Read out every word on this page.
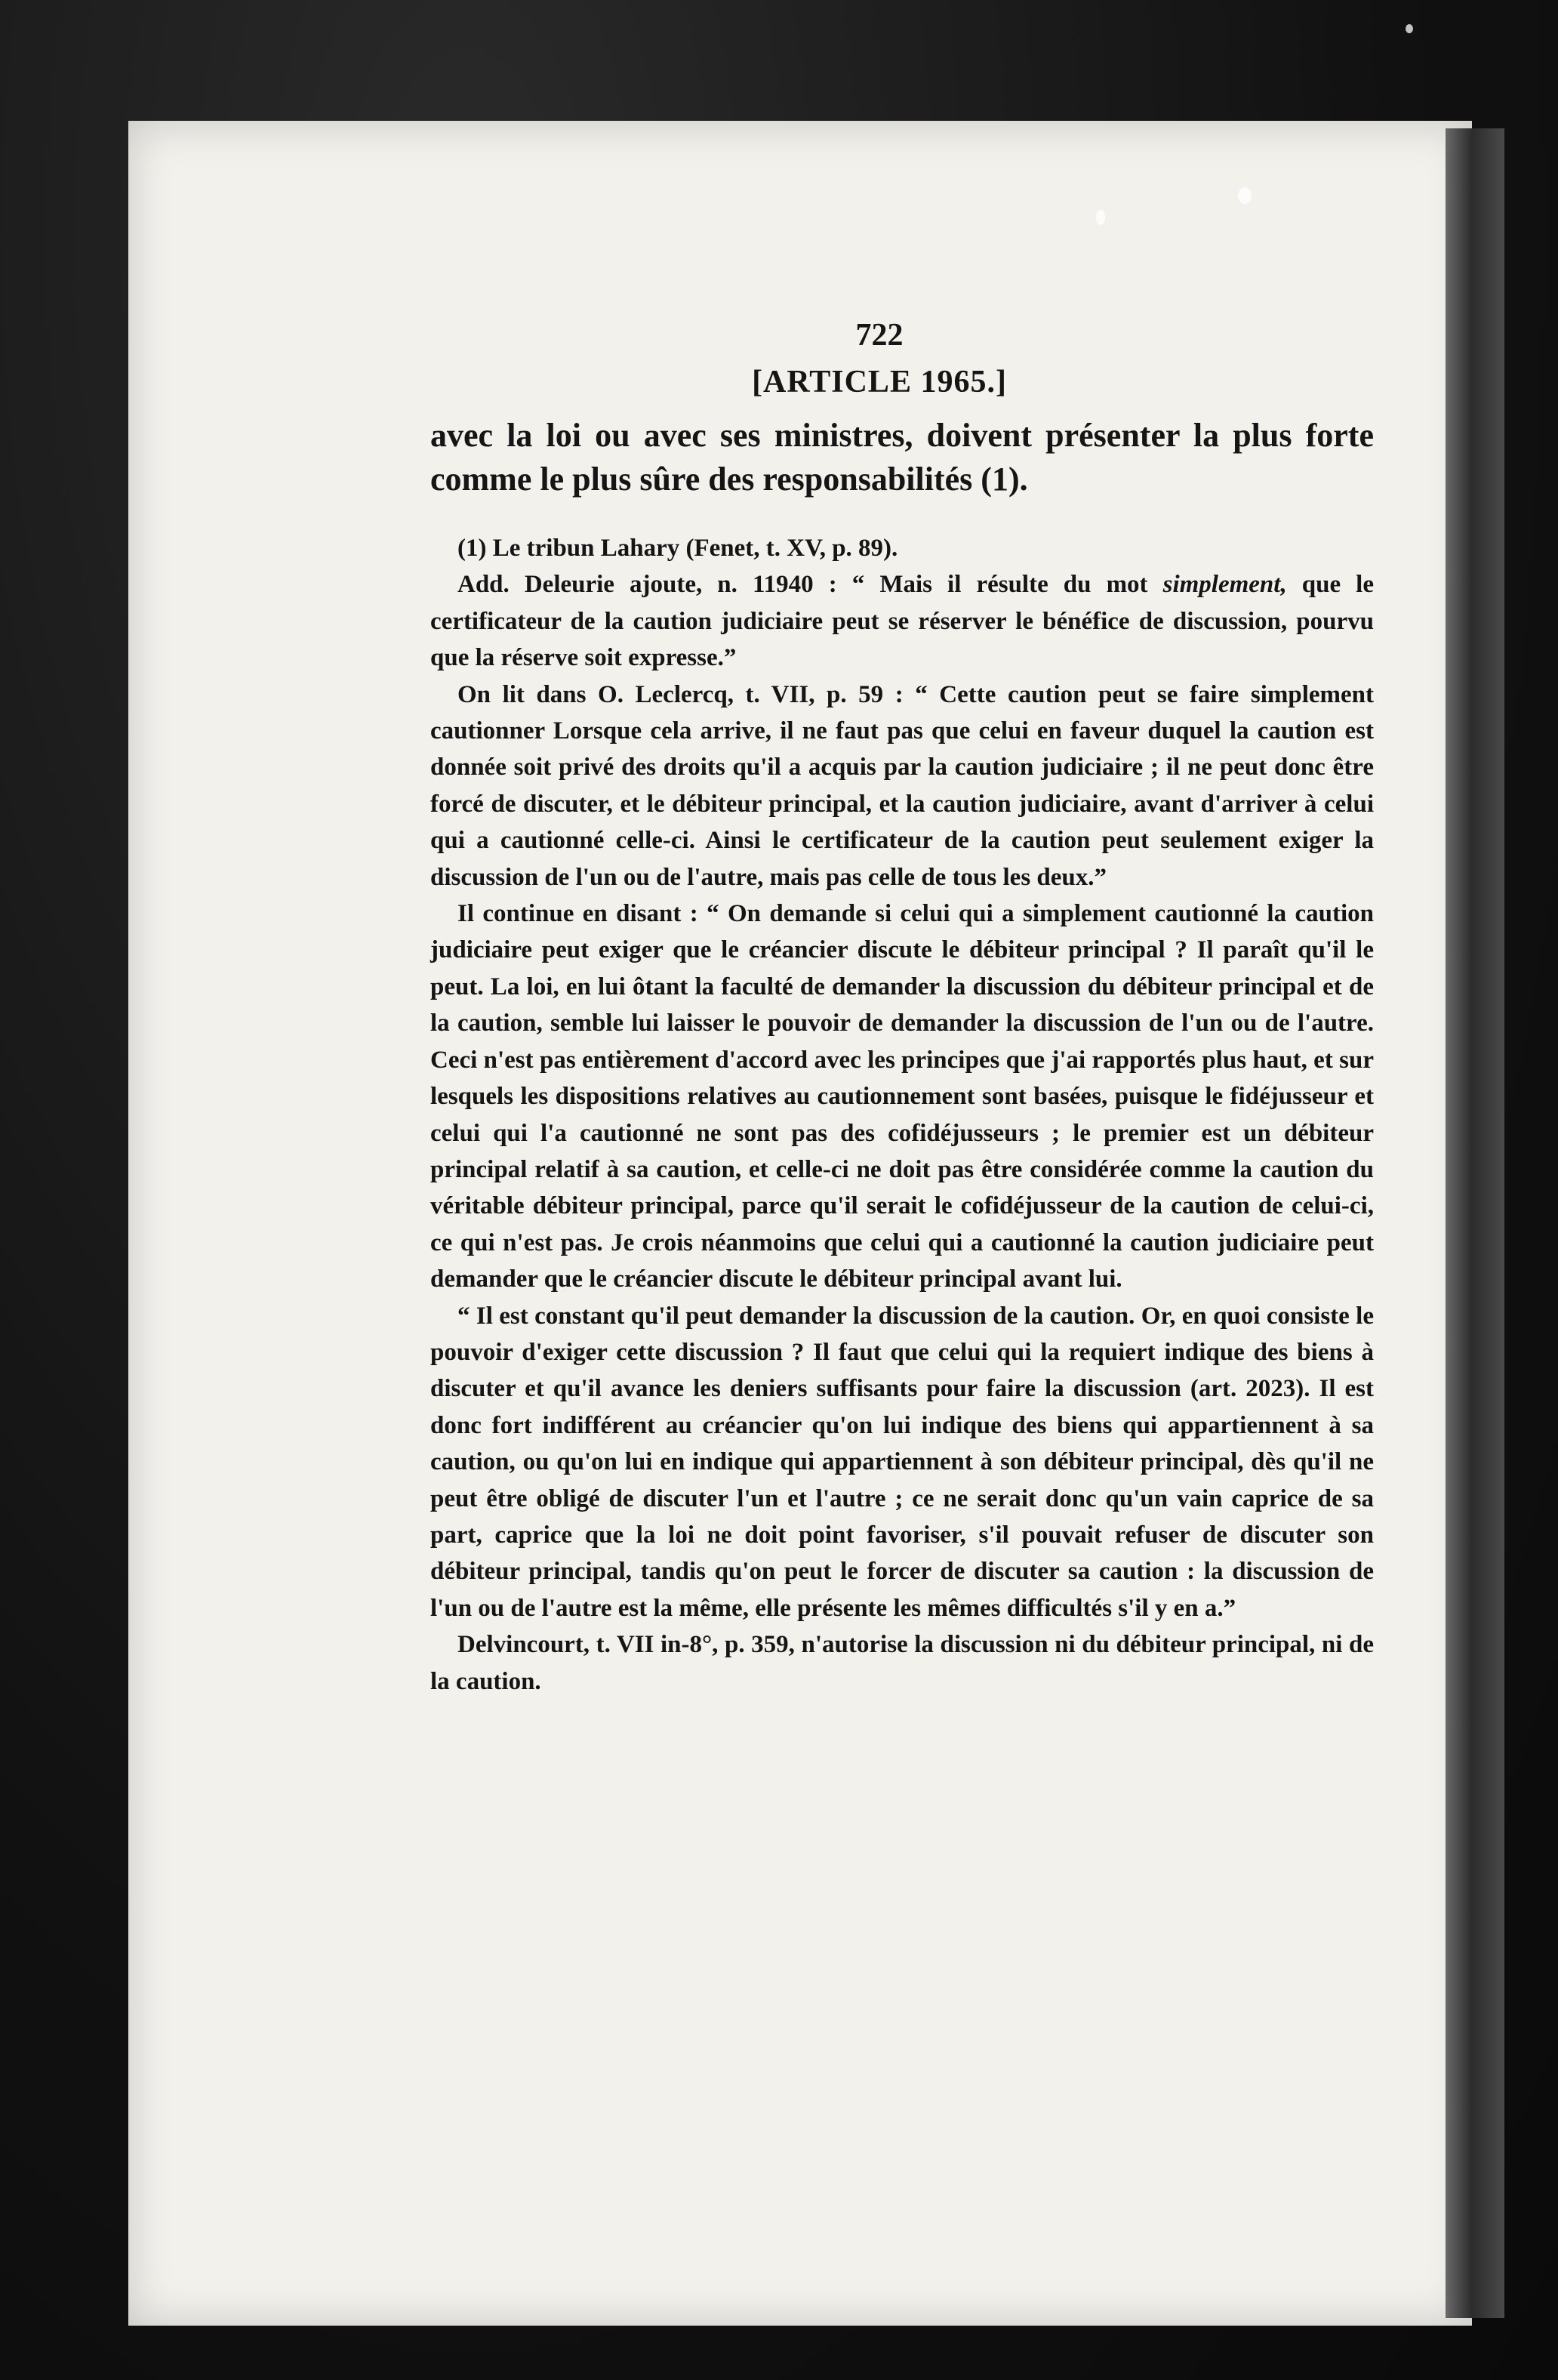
722
[ARTICLE 1965.]

avec la loi ou avec ses ministres, doivent présenter la plus forte comme le plus sûre des responsabilités (1).

(1) Le tribun Lahary (Fenet, t. XV, p. 89).

Add. Deleurie ajoute, n. 11940 : “ Mais il résulte du mot simplement, que le certificateur de la caution judiciaire peut se réserver le bénéfice de discussion, pourvu que la réserve soit expresse.”

On lit dans O. Leclercq, t. VII, p. 59 : “ Cette caution peut se faire simplement cautionner Lorsque cela arrive, il ne faut pas que celui en faveur duquel la caution est donnée soit privé des droits qu'il a acquis par la caution judiciaire ; il ne peut donc être forcé de discuter, et le débiteur principal, et la caution judiciaire, avant d'arriver à celui qui a cautionné celle-ci. Ainsi le certificateur de la caution peut seulement exiger la discussion de l'un ou de l'autre, mais pas celle de tous les deux.”

Il continue en disant : “ On demande si celui qui a simplement cautionné la caution judiciaire peut exiger que le créancier discute le débiteur principal ? Il paraît qu'il le peut. La loi, en lui ôtant la faculté de demander la discussion du débiteur principal et de la caution, semble lui laisser le pouvoir de demander la discussion de l'un ou de l'autre. Ceci n'est pas entièrement d'accord avec les principes que j'ai rapportés plus haut, et sur lesquels les dispositions relatives au cautionnement sont basées, puisque le fidéjusseur et celui qui l'a cautionné ne sont pas des cofidéjusseurs ; le premier est un débiteur principal relatif à sa caution, et celle-ci ne doit pas être considérée comme la caution du véritable débiteur principal, parce qu'il serait le cofidéjusseur de la caution de celui-ci, ce qui n'est pas. Je crois néanmoins que celui qui a cautionné la caution judiciaire peut demander que le créancier discute le débiteur principal avant lui.

“ Il est constant qu'il peut demander la discussion de la caution. Or, en quoi consiste le pouvoir d'exiger cette discussion ? Il faut que celui qui la requiert indique des biens à discuter et qu'il avance les deniers suffisants pour faire la discussion (art. 2023). Il est donc fort indifférent au créancier qu'on lui indique des biens qui appartiennent à sa caution, ou qu'on lui en indique qui appartiennent à son débiteur principal, dès qu'il ne peut être obligé de discuter l'un et l'autre ; ce ne serait donc qu'un vain caprice de sa part, caprice que la loi ne doit point favoriser, s'il pouvait refuser de discuter son débiteur principal, tandis qu'on peut le forcer de discuter sa caution : la discussion de l'un ou de l'autre est la même, elle présente les mêmes difficultés s'il y en a.”

Delvincourt, t. VII in-8°, p. 359, n'autorise la discussion ni du débiteur principal, ni de la caution.
